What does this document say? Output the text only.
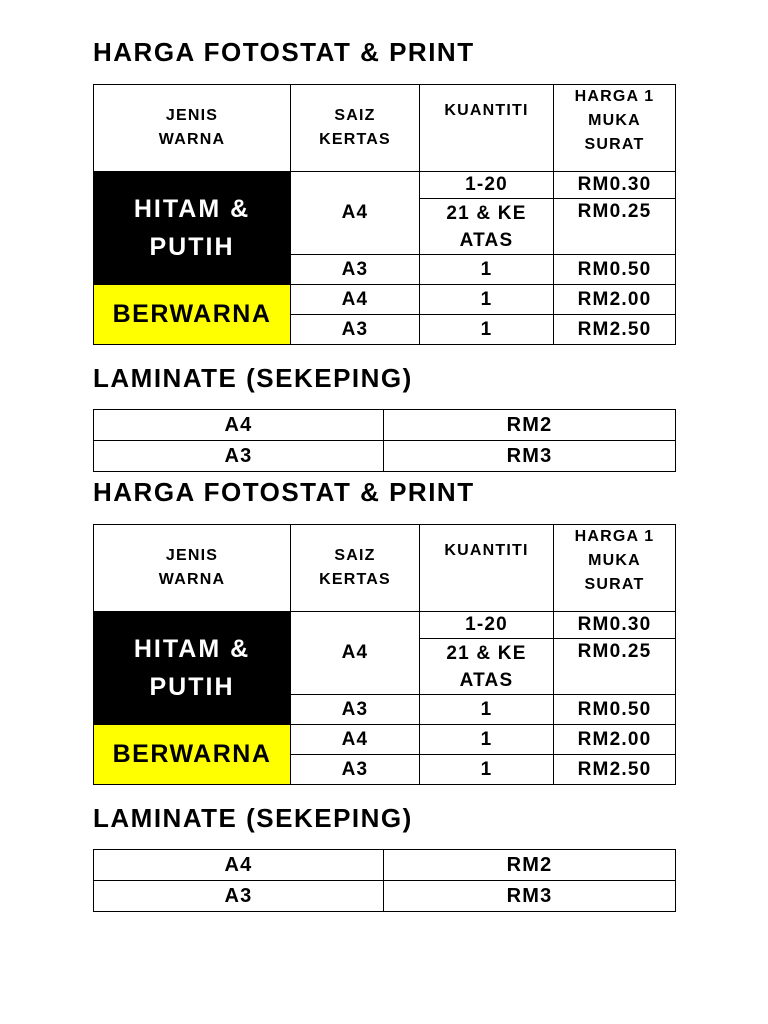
HARGA FOTOSTAT & PRINT
JENIS
WARNA	SAIZ
KERTAS	KUANTITI	HARGA 1
MUKA
SURAT
HITAM &
PUTIH	A4	1-20	RM0.30
		21 & KE
ATAS	RM0.25
	A3	1	RM0.50
BERWARNA	A4	1	RM2.00
	A3	1	RM2.50
LAMINATE (SEKEPING)
A4	RM2
A3	RM3
HARGA FOTOSTAT & PRINT
JENIS
WARNA	SAIZ
KERTAS	KUANTITI	HARGA 1
MUKA
SURAT
HITAM &
PUTIH	A4	1-20	RM0.30
		21 & KE
ATAS	RM0.25
	A3	1	RM0.50
BERWARNA	A4	1	RM2.00
	A3	1	RM2.50
LAMINATE (SEKEPING)
A4	RM2
A3	RM3
